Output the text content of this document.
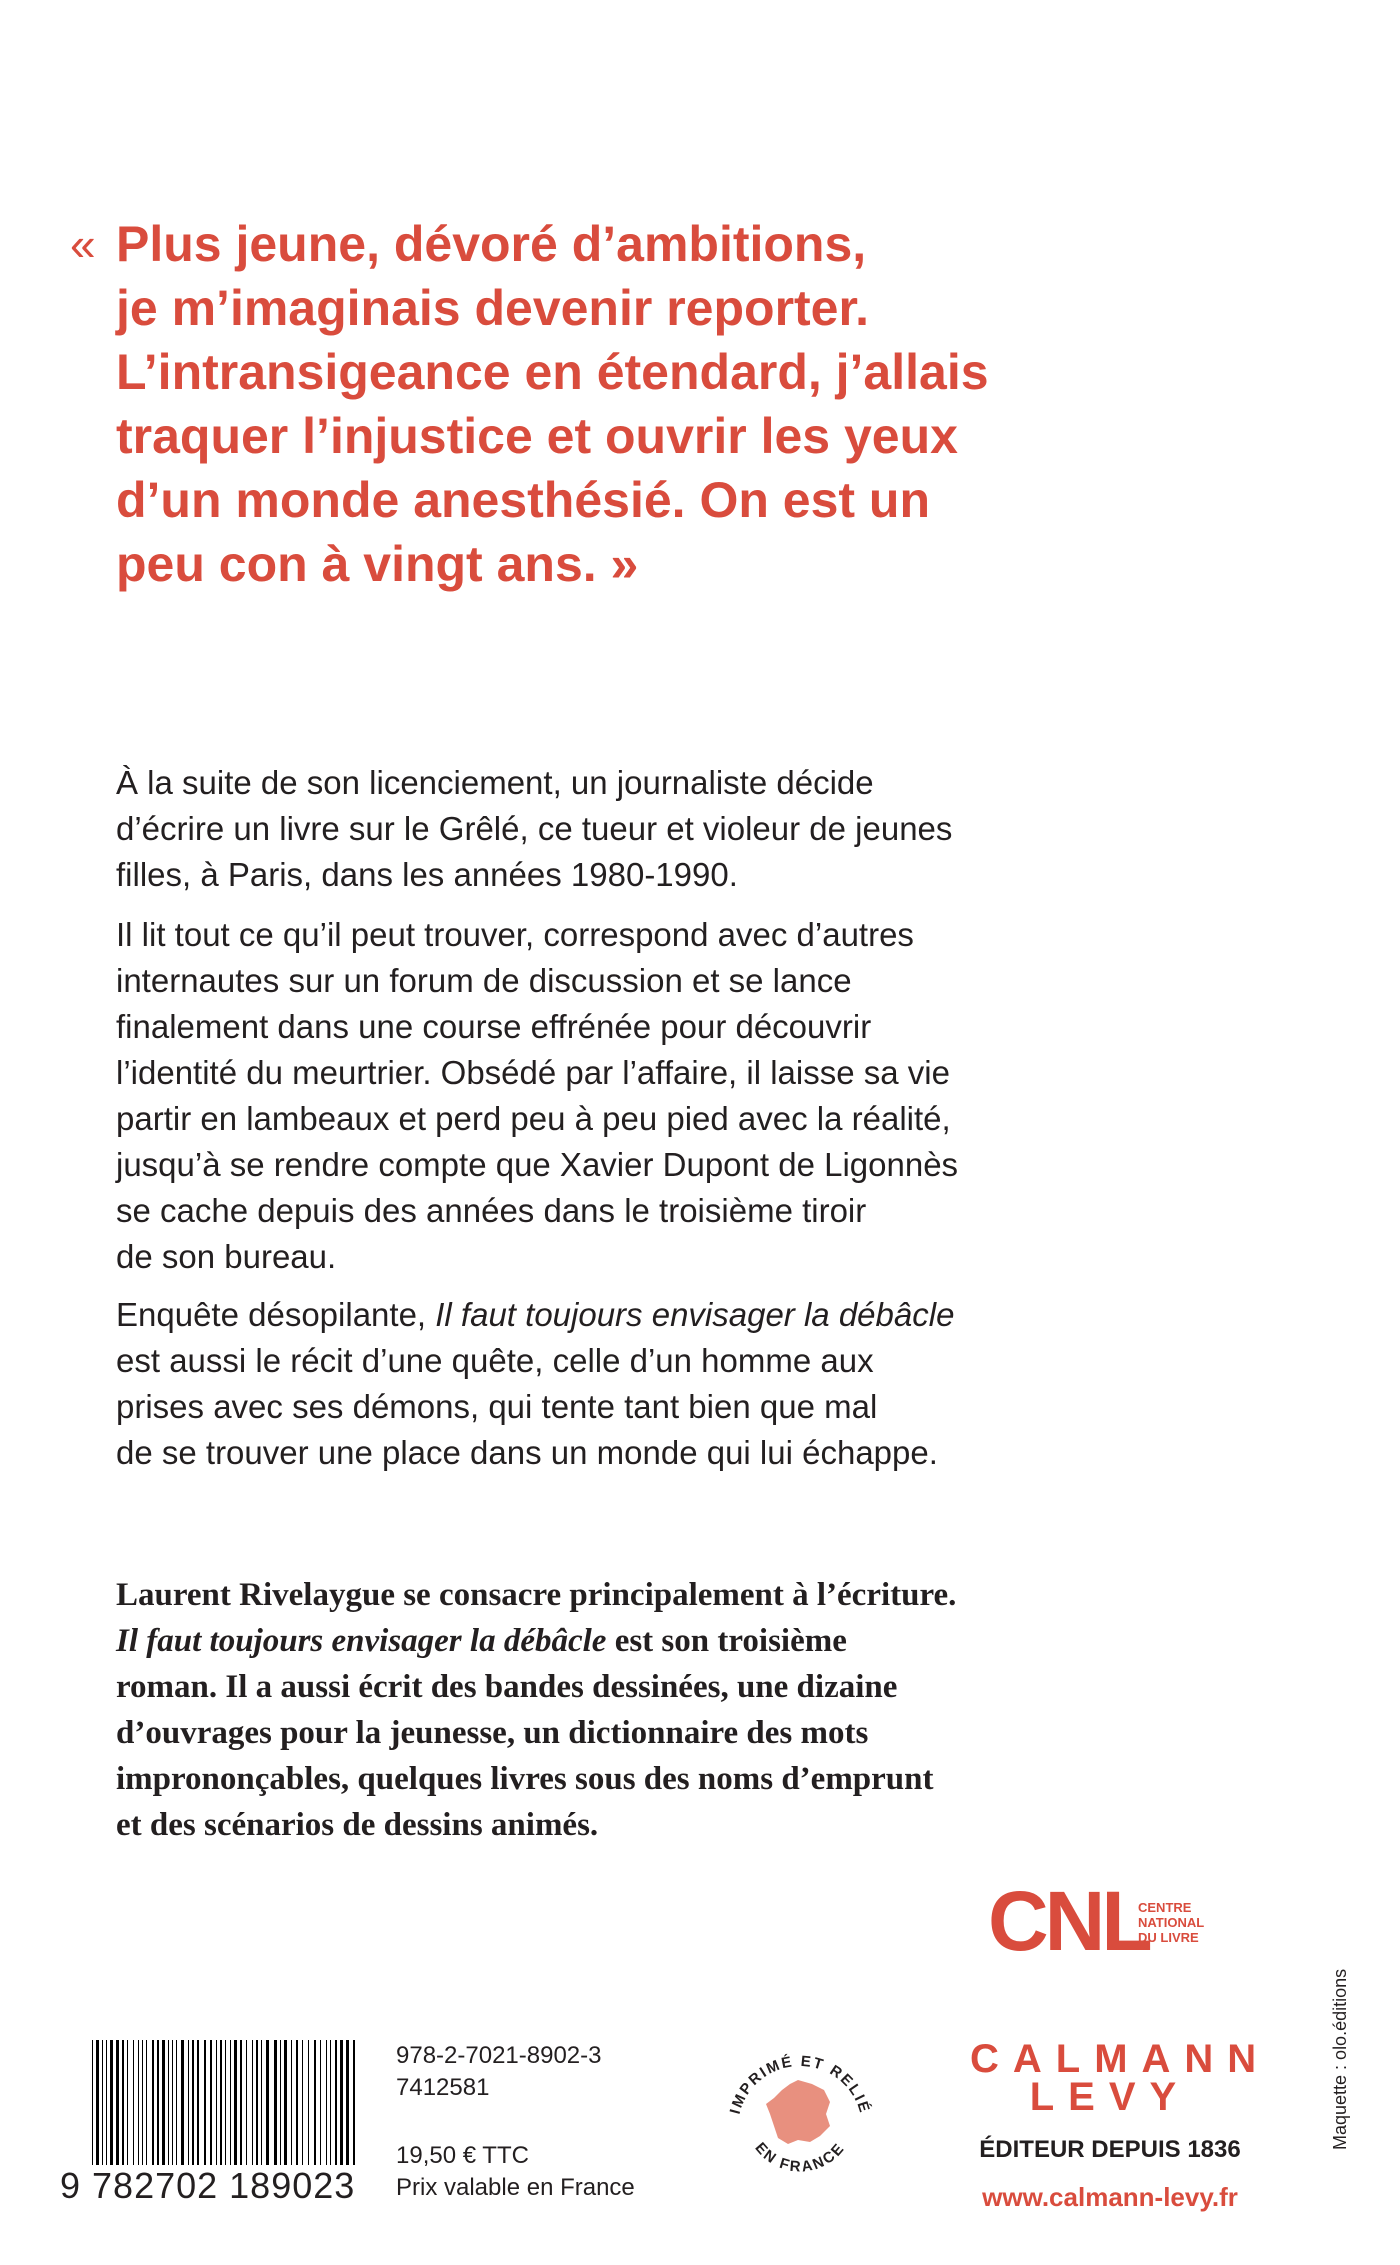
« Plus jeune, dévoré d’ambitions,
je m’imaginais devenir reporter.
L’intransigeance en étendard, j’allais
traquer l’injustice et ouvrir les yeux
d’un monde anesthésié. On est un
peu con à vingt ans. »
À la suite de son licenciement, un journaliste décide
d’écrire un livre sur le Grêlé, ce tueur et violeur de jeunes
filles, à Paris, dans les années 1980-1990.
Il lit tout ce qu’il peut trouver, correspond avec d’autres
internautes sur un forum de discussion et se lance
finalement dans une course effrénée pour découvrir
l’identité du meurtrier. Obsédé par l’affaire, il laisse sa vie
partir en lambeaux et perd peu à peu pied avec la réalité,
jusqu’à se rendre compte que Xavier Dupont de Ligonnès
se cache depuis des années dans le troisième tiroir
de son bureau.
Enquête désopilante, Il faut toujours envisager la débâcle
est aussi le récit d’une quête, celle d’un homme aux
prises avec ses démons, qui tente tant bien que mal
de se trouver une place dans un monde qui lui échappe.
Laurent Rivelaygue se consacre principalement à l’écriture.
Il faut toujours envisager la débâcle est son troisième
roman. Il a aussi écrit des bandes dessinées, une dizaine
d’ouvrages pour la jeunesse, un dictionnaire des mots
imprononçables, quelques livres sous des noms d’emprunt
et des scénarios de dessins animés.
CNL
CENTRE
NATIONAL
DU LIVRE
9 782702 189023
978-2-7021-8902-3
7412581
19,50 € TTC
Prix valable en France
IMPRIMÉ ET RELIÉ
EN FRANCE
CALMANN
LEVY
ÉDITEUR DEPUIS 1836
www.calmann-levy.fr
Maquette : olo.éditions
